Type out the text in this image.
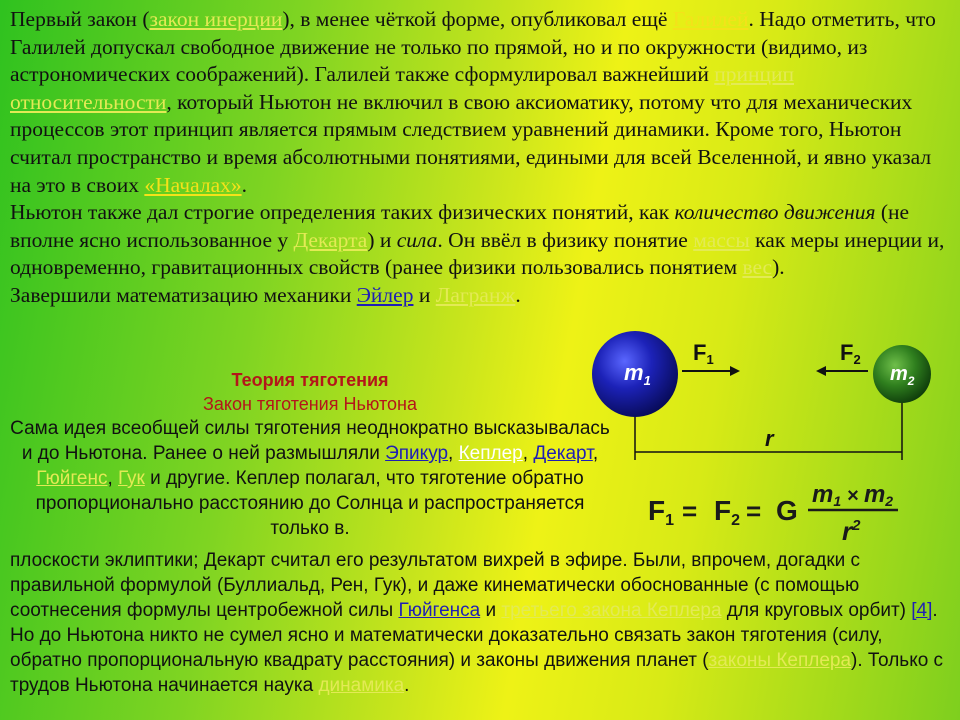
Первый закон (закон инерции), в менее чёткой форме, опубликовал ещё Галилей. Надо отметить, что Галилей допускал свободное движение не только по прямой, но и по окружности (видимо, из астрономических соображений). Галилей также сформулировал важнейший принцип относительности, который Ньютон не включил в свою аксиоматику, потому что для механических процессов этот принцип является прямым следствием уравнений динамики. Кроме того, Ньютон считал пространство и время абсолютными понятиями, едиными для всей Вселенной, и явно указал на это в своих «Началах».
Ньютон также дал строгие определения таких физических понятий, как количество движения (не вполне ясно использованное у Декарта) и сила. Он ввёл в физику понятие массы как меры инерции и, одновременно, гравитационных свойств (ранее физики пользовались понятием вес).
Завершили математизацию механики Эйлер и Лагранж.

Теория тяготения
Закон тяготения Ньютона

Сама идея всеобщей силы тяготения неоднократно высказывалась и до Ньютона. Ранее о ней размышляли Эпикур, Кеплер, Декарт, Гюйгенс, Гук и другие. Кеплер полагал, что тяготение обратно пропорционально расстоянию до Солнца и распространяется только в.

плоскости эклиптики; Декарт считал его результатом вихрей в эфире. Были, впрочем, догадки с правильной формулой (Буллиальд, Рен, Гук), и даже кинематически обоснованные (с помощью соотнесения формулы центробежной силы Гюйгенса и третьего закона Кеплера для круговых орбит) [4]. Но до Ньютона никто не сумел ясно и математически доказательно связать закон тяготения (силу, обратно пропорциональную квадрату расстояния) и законы движения планет (законы Кеплера). Только с трудов Ньютона начинается наука динамика.

$m_1$	$m_2$
F1	F2
r
F1 = F2 = G
m1 × m2
$r^2$
